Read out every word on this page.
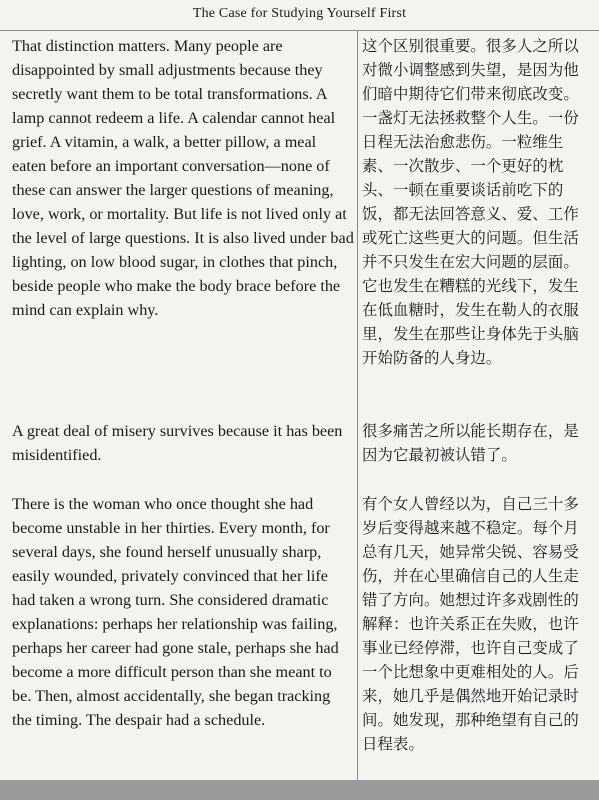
The Case for Studying Yourself First

That distinction matters. Many people are disappointed by small adjustments because they secretly want them to be total transformations. A lamp cannot redeem a life. A calendar cannot heal grief. A vitamin, a walk, a better pillow, a meal eaten before an important conversation—none of these can answer the larger questions of meaning, love, work, or mortality. But life is not lived only at the level of large questions. It is also lived under bad lighting, on low blood sugar, in clothes that pinch, beside people who make the body brace before the mind can explain why.

这个区别很重要。很多人之所以对微小调整感到失望，是因为他们暗中期待它们带来彻底改变。一盏灯无法拯救整个人生。一份日程无法治愈悲伤。一粒维生素、一次散步、一个更好的枕头、一顿在重要谈话前吃下的饭，都无法回答意义、爱、工作或死亡这些更大的问题。但生活并不只发生在宏大问题的层面。它也发生在糟糕的光线下，发生在低血糖时，发生在勒人的衣服里，发生在那些让身体先于头脑开始防备的人身边。

A great deal of misery survives because it has been misidentified.

很多痛苦之所以能长期存在，是因为它最初被认错了。

There is the woman who once thought she had become unstable in her thirties. Every month, for several days, she found herself unusually sharp, easily wounded, privately convinced that her life had taken a wrong turn. She considered dramatic explanations: perhaps her relationship was failing, perhaps her career had gone stale, perhaps she had become a more difficult person than she meant to be. Then, almost accidentally, she began tracking the timing. The despair had a schedule.

有个女人曾经以为，自己三十多岁后变得越来越不稳定。每个月总有几天，她异常尖锐、容易受伤，并在心里确信自己的人生走错了方向。她想过许多戏剧性的解释：也许关系正在失败，也许事业已经停滞，也许自己变成了一个比想象中更难相处的人。后来，她几乎是偶然地开始记录时间。她发现，那种绝望有自己的日程表。
